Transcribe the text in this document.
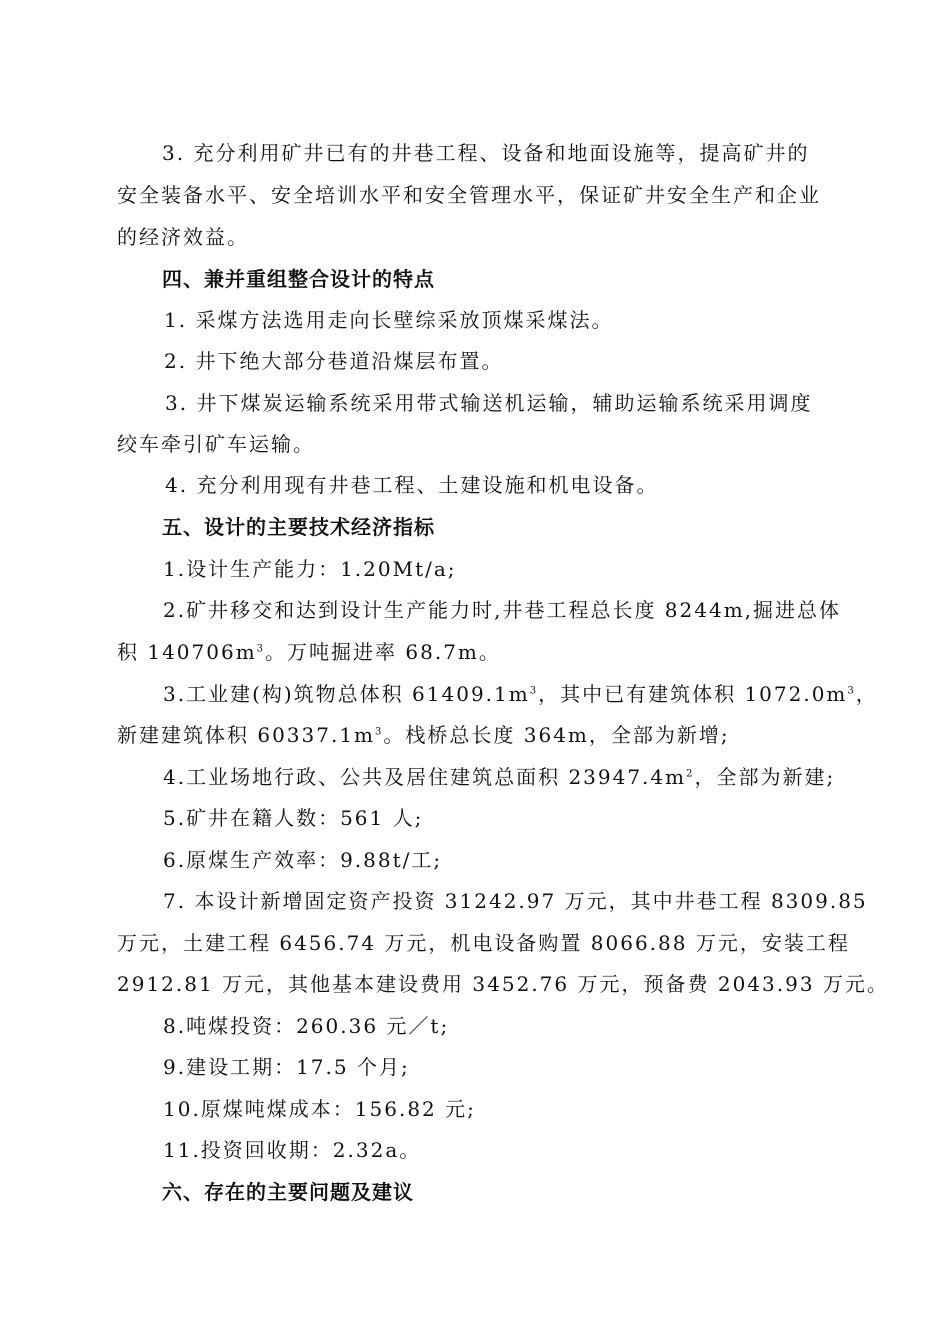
3. 充分利用矿井已有的井巷工程、设备和地面设施等，提高矿井的
安全装备水平、安全培训水平和安全管理水平，保证矿井安全生产和企业
的经济效益。
四、兼并重组整合设计的特点
1. 采煤方法选用走向长壁综采放顶煤采煤法。
2. 井下绝大部分巷道沿煤层布置。
3. 井下煤炭运输系统采用带式输送机运输，辅助运输系统采用调度
绞车牵引矿车运输。
4. 充分利用现有井巷工程、土建设施和机电设备。
五、设计的主要技术经济指标
1.设计生产能力：1.20Mt/a;
2.矿井移交和达到设计生产能力时,井巷工程总长度 8244m,掘进总体
积 $140706m^3$。万吨掘进率 68.7m。
3.工业建(构)筑物总体积 $61409.1m^3$，其中已有建筑体积 $1072.0m^3$，
新建建筑体积 $60337.1m^3$。栈桥总长度 364m，全部为新增;
4.工业场地行政、公共及居住建筑总面积 $23947.4m^2$，全部为新建;
5.矿井在籍人数：561 人;
6.原煤生产效率：9.88t/工;
7. 本设计新增固定资产投资 31242.97 万元，其中井巷工程 8309.85
万元，土建工程 6456.74 万元，机电设备购置 8066.88 万元，安装工程
2912.81 万元，其他基本建设费用 3452.76 万元，预备费 2043.93 万元。
8.吨煤投资：260.36 元／t;
9.建设工期：17.5 个月;
10.原煤吨煤成本：156.82 元;
11.投资回收期：2.32a。
六、存在的主要问题及建议
